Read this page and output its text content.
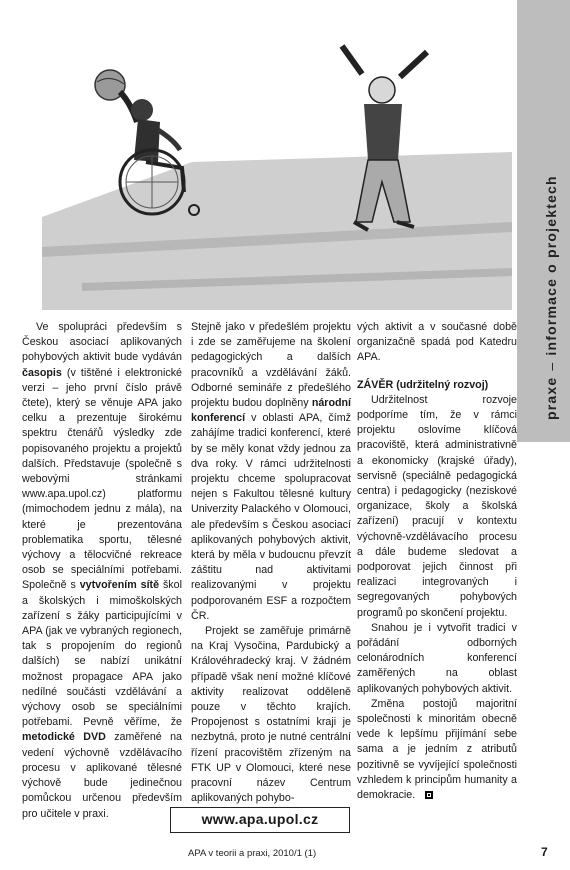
praxe–informace o projektech

Ve spolupráci především s Českou asociací aplikovaných pohybových aktivit bude vydáván časopis (v tištěné i elektronické verzi – jeho první číslo právě čtete), který se věnuje APA jako celku a prezentuje širokému spektru čtenářů výsledky zde popisovaného projektu a projektů dalších. Představuje (společně s webovými stránkami www.apa.upol.cz) platformu (mimochodem jednu z mála), na které je prezentována problematika sportu, tělesné výchovy a tělocvičné rekreace osob se speciálními potřebami. Společně s vytvořením sítě škol a školských i mimoškolských zařízení s žáky participujícími v APA (jak ve vybraných regionech, tak s propojením do regionů dalších) se nabízí unikátní možnost propagace APA jako nedílné součásti vzdělávání a výchovy osob se speciálními potřebami. Pevně věříme, že metodické DVD zaměřené na vedení výchovně vzdělávacího procesu v aplikované tělesné výchově bude jedinečnou pomůckou určenou především pro učitele v praxi.

Stejně jako v předešlém projektu i zde se zaměřujeme na školení pedagogických a dalších pracovníků a vzdělávání žáků. Odborné semináře z předešlého projektu budou doplněny národní konferencí v oblasti APA, čímž zahájíme tradici konferencí, které by se měly konat vždy jednou za dva roky. V rámci udržitelnosti projektu chceme spolupracovat nejen s Fakultou tělesné kultury Univerzity Palackého v Olomouci, ale především s Českou asociací aplikovaných pohybových aktivit, která by měla v budoucnu převzít záštitu nad aktivitami realizovanými v projektu podporovaném ESF a rozpočtem ČR.

Projekt se zaměřuje primárně na Kraj Vysočina, Pardubický a Královéhradecký kraj. V žádném případě však není možné klíčové aktivity realizovat odděleně pouze v těchto krajích. Propojenost s ostatními kraji je nezbytná, proto je nutné centrální řízení pracovištěm zřízeným na FTK UP v Olomouci, které nese pracovní název Centrum aplikovaných pohybo-

vých aktivit a v současné době organizačně spadá pod Katedru APA.

ZÁVĚR (udržitelný rozvoj)

Udržitelnost rozvoje podporíme tím, že v rámci projektu oslovíme klíčová pracoviště, která administrativně a ekonomicky (krajské úřady), servisně (speciálně pedagogická centra) i pedagogicky (neziskové organizace, školy a školská zařízení) pracují v kontextu výchovně-vzdělávacího procesu a dále budeme sledovat a podporovat jejich činnost při realizaci integrovaných i segregovaných pohybových programů po skončení projektu.

Snahou je i vytvořit tradici v pořádání odborných celonárodních konferencí zaměřených na oblast aplikovaných pohybových aktivit.

Změna postojů majoritní společnosti k minoritám obecně vede k lepšímu přijímání sebe sama a je jedním z atributů pozitivně se vyvíjející společnosti vzhledem k principům humanity a demokracie.

www.apa.upol.cz
APA v teorii a praxi, 2010/1 (1)	7
